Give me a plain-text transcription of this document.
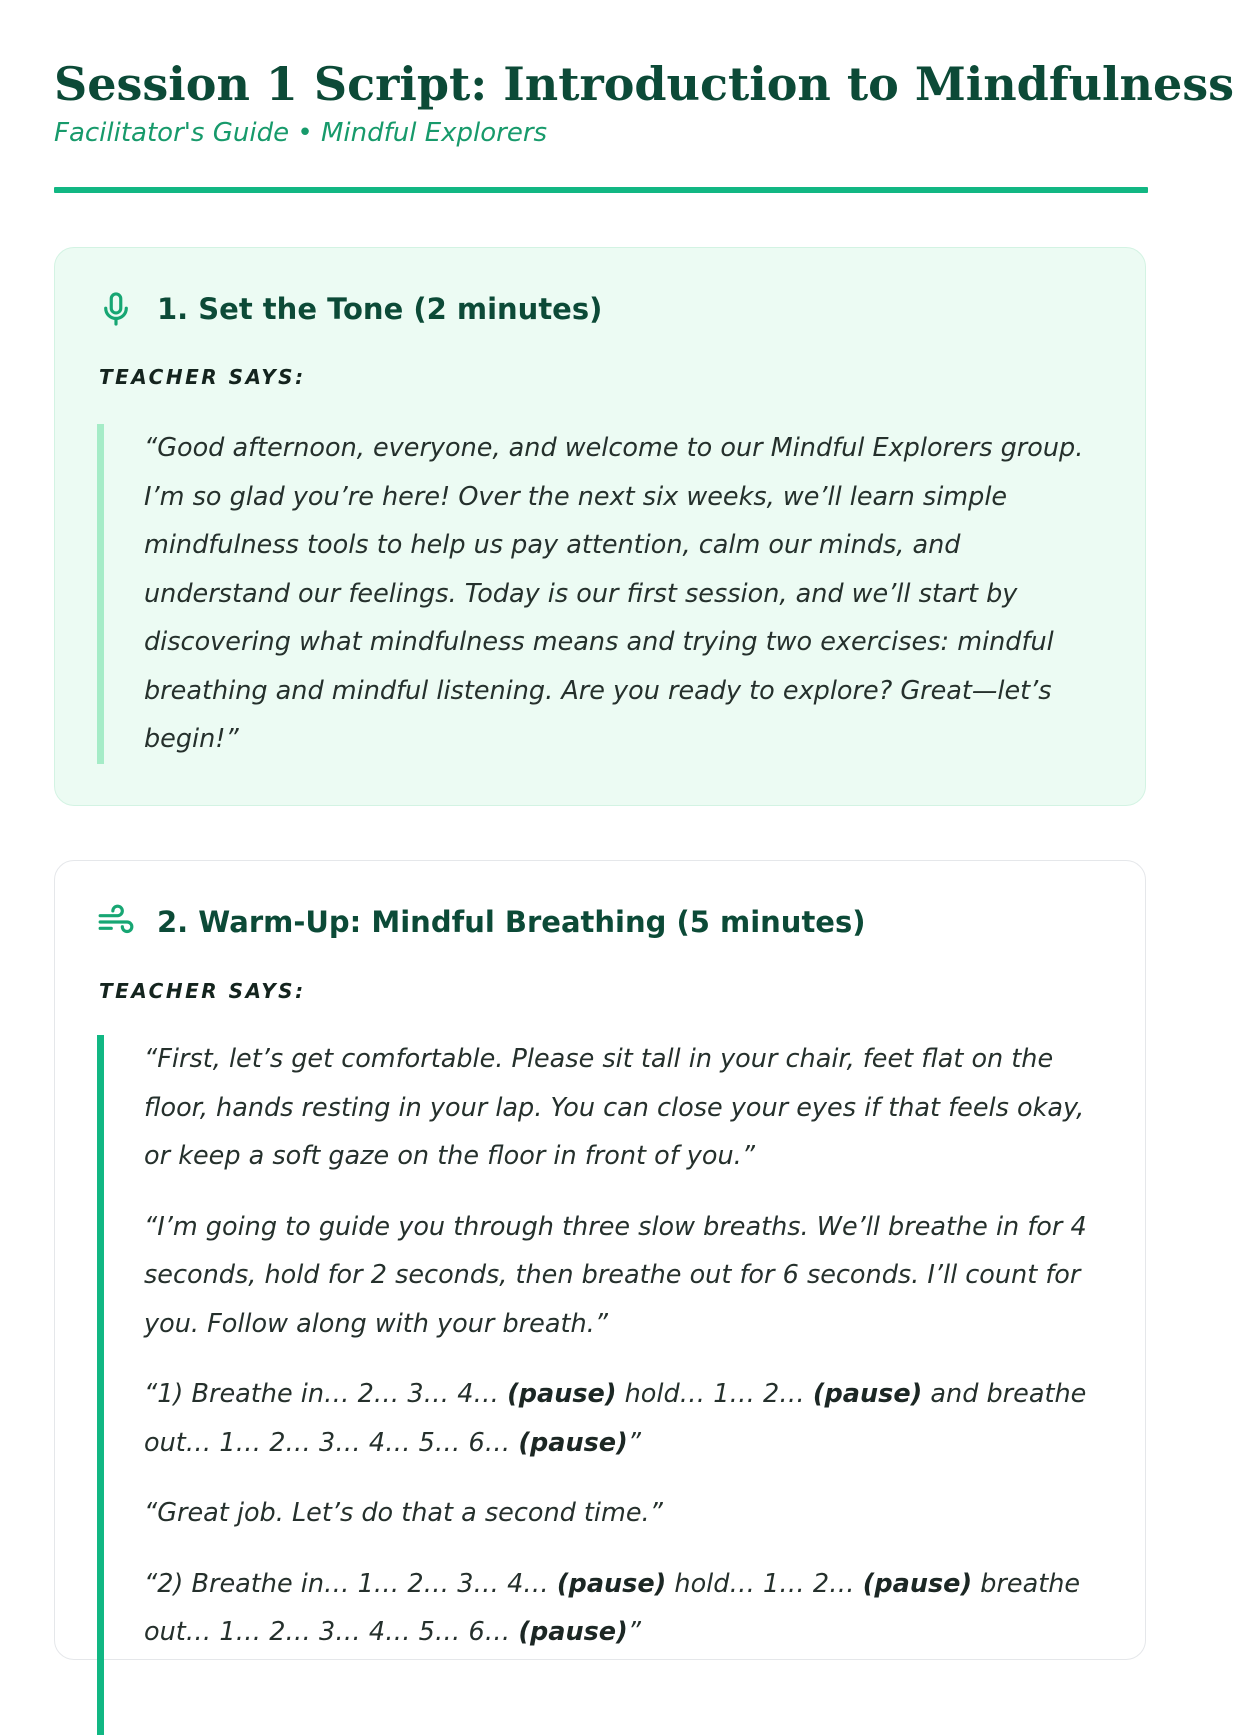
Session 1 Script: Introduction to Mindfulness

Facilitator's Guide • Mindful Explorers

1. Set the Tone (2 minutes)
TEACHER SAYS:

“Good afternoon, everyone, and welcome to our Mindful Explorers group. I’m so glad you’re here! Over the next six weeks, we’ll learn simple mindfulness tools to help us pay attention, calm our minds, and understand our feelings. Today is our first session, and we’ll start by discovering what mindfulness means and trying two exercises: mindful breathing and mindful listening. Are you ready to explore? Great—let’s begin!”

2. Warm-Up: Mindful Breathing (5 minutes)
TEACHER SAYS:

“First, let’s get comfortable. Please sit tall in your chair, feet flat on the floor, hands resting in your lap. You can close your eyes if that feels okay, or keep a soft gaze on the floor in front of you.”

“I’m going to guide you through three slow breaths. We’ll breathe in for 4 seconds, hold for 2 seconds, then breathe out for 6 seconds. I’ll count for you. Follow along with your breath.”

“1) Breathe in… 2… 3… 4… (pause) hold… 1… 2… (pause) and breathe out… 1… 2… 3… 4… 5… 6… (pause)”

“Great job. Let’s do that a second time.”

“2) Breathe in… 1… 2… 3… 4… (pause) hold… 1… 2… (pause) breathe out… 1… 2… 3… 4… 5… 6… (pause)”
